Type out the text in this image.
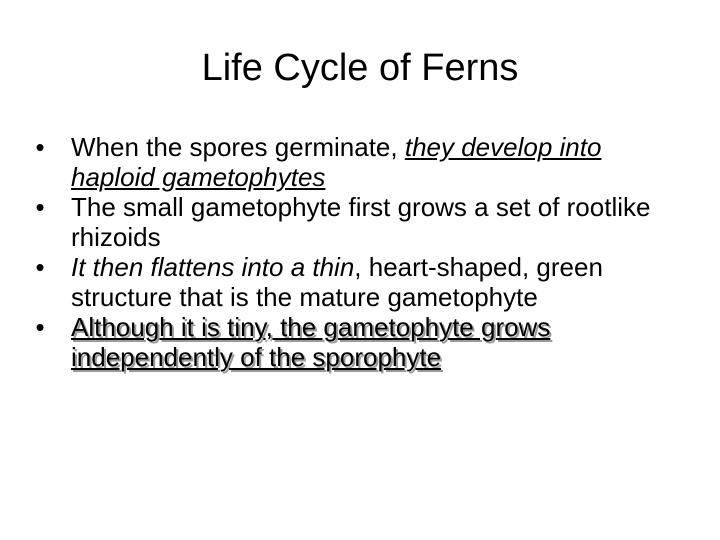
Life Cycle of Ferns
• When the spores germinate, they develop into haploid gametophytes
• The small gametophyte first grows a set of rootlike rhizoids
• It then flattens into a thin, heart-shaped, green structure that is the mature gametophyte
• Although it is tiny, the gametophyte grows independently of the sporophyte
